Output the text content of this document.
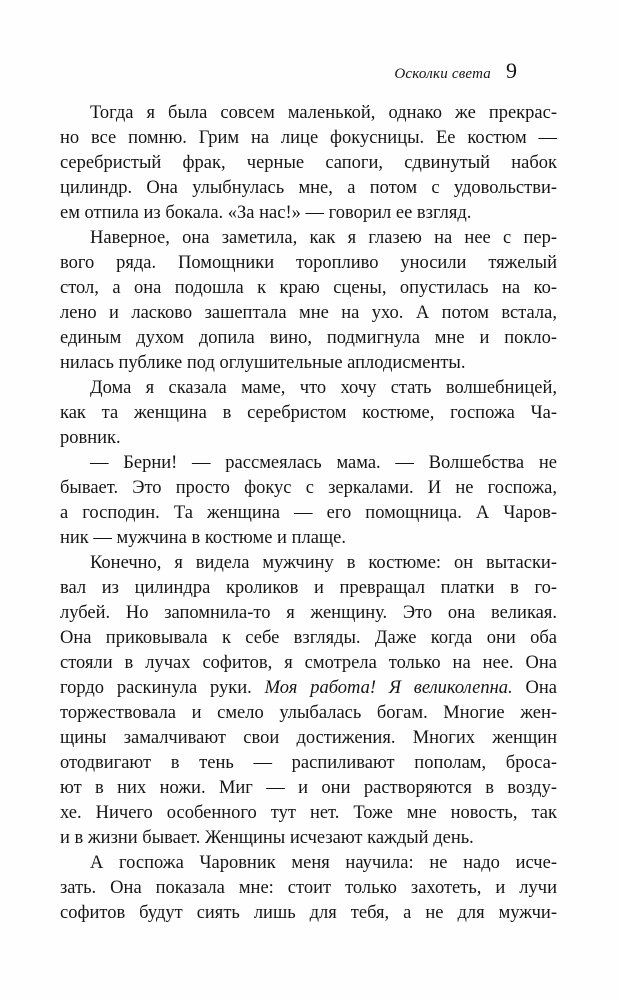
Осколки света 9
Тогда я была совсем маленькой, однако же прекрас-
но все помню. Грим на лице фокусницы. Ее костюм —
серебристый фрак, черные сапоги, сдвинутый набок
цилиндр. Она улыбнулась мне, а потом с удовольстви-
ем отпила из бокала. «За нас!» — говорил ее взгляд.
Наверное, она заметила, как я глазею на нее с пер-
вого ряда. Помощники торопливо уносили тяжелый
стол, а она подошла к краю сцены, опустилась на ко-
лено и ласково зашептала мне на ухо. А потом встала,
единым духом допила вино, подмигнула мне и покло-
нилась публике под оглушительные аплодисменты.
Дома я сказала маме, что хочу стать волшебницей,
как та женщина в серебристом костюме, госпожа Ча-
ровник.
— Берни! — рассмеялась мама. — Волшебства не
бывает. Это просто фокус с зеркалами. И не госпожа,
а господин. Та женщина — его помощница. А Чаров-
ник — мужчина в костюме и плаще.
Конечно, я видела мужчину в костюме: он вытаски-
вал из цилиндра кроликов и превращал платки в го-
лубей. Но запомнила-то я женщину. Это она великая.
Она приковывала к себе взгляды. Даже когда они оба
стояли в лучах софитов, я смотрела только на нее. Она
гордо раскинула руки. Моя работа! Я великолепна. Она
торжествовала и смело улыбалась богам. Многие жен-
щины замалчивают свои достижения. Многих женщин
отодвигают в тень — распиливают пополам, броса-
ют в них ножи. Миг — и они растворяются в возду-
хе. Ничего особенного тут нет. Тоже мне новость, так
и в жизни бывает. Женщины исчезают каждый день.
А госпожа Чаровник меня научила: не надо исче-
зать. Она показала мне: стоит только захотеть, и лучи
софитов будут сиять лишь для тебя, а не для мужчи-
